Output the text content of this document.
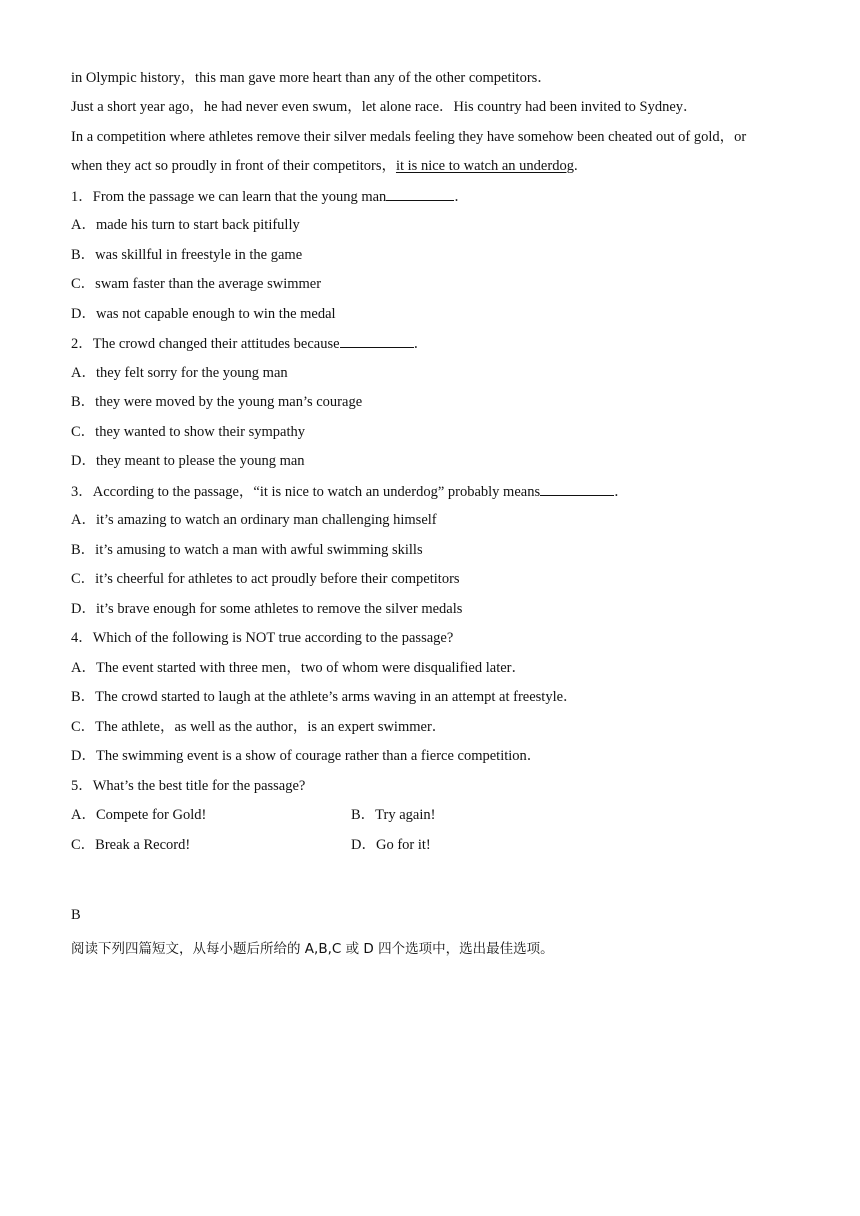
in Olympic history，this man gave more heart than any of the other competitors．
Just a short year ago，he had never even swum，let alone race．His country had been invited to Sydney．
In a competition where athletes remove their silver medals feeling they have somehow been cheated out of gold，or
when they act so proudly in front of their competitors，it is nice to watch an underdog.
1．From the passage we can learn that the young man	．
A．made his turn to start back pitifully
B．was skillful in freestyle in the game
C．swam faster than the average swimmer
D．was not capable enough to win the medal
2．The crowd changed their attitudes because	．
A．they felt sorry for the young man
B．they were moved by the young man’s courage
C．they wanted to show their sympathy
D．they meant to please the young man
3．According to the passage，“it is nice to watch an underdog” probably means	．
A．it’s amazing to watch an ordinary man challenging himself
B．it’s amusing to watch a man with awful swimming skills
C．it’s cheerful for athletes to act proudly before their competitors
D．it’s brave enough for some athletes to remove the silver medals
4．Which of the following is NOT true according to the passage?
A．The event started with three men，two of whom were disqualified later．
B．The crowd started to laugh at the athlete’s arms waving in an attempt at freestyle．
C．The athlete，as well as the author，is an expert swimmer．
D．The swimming event is a show of courage rather than a fierce competition．
5．What’s the best title for the passage?
A．Compete for Gold!	B．Try again!
C．Break a Record!	D．Go for it!
B
阅读下列四篇短文，从每小题后所给的 A,B,C 或 D 四个选项中，选出最佳选项。
